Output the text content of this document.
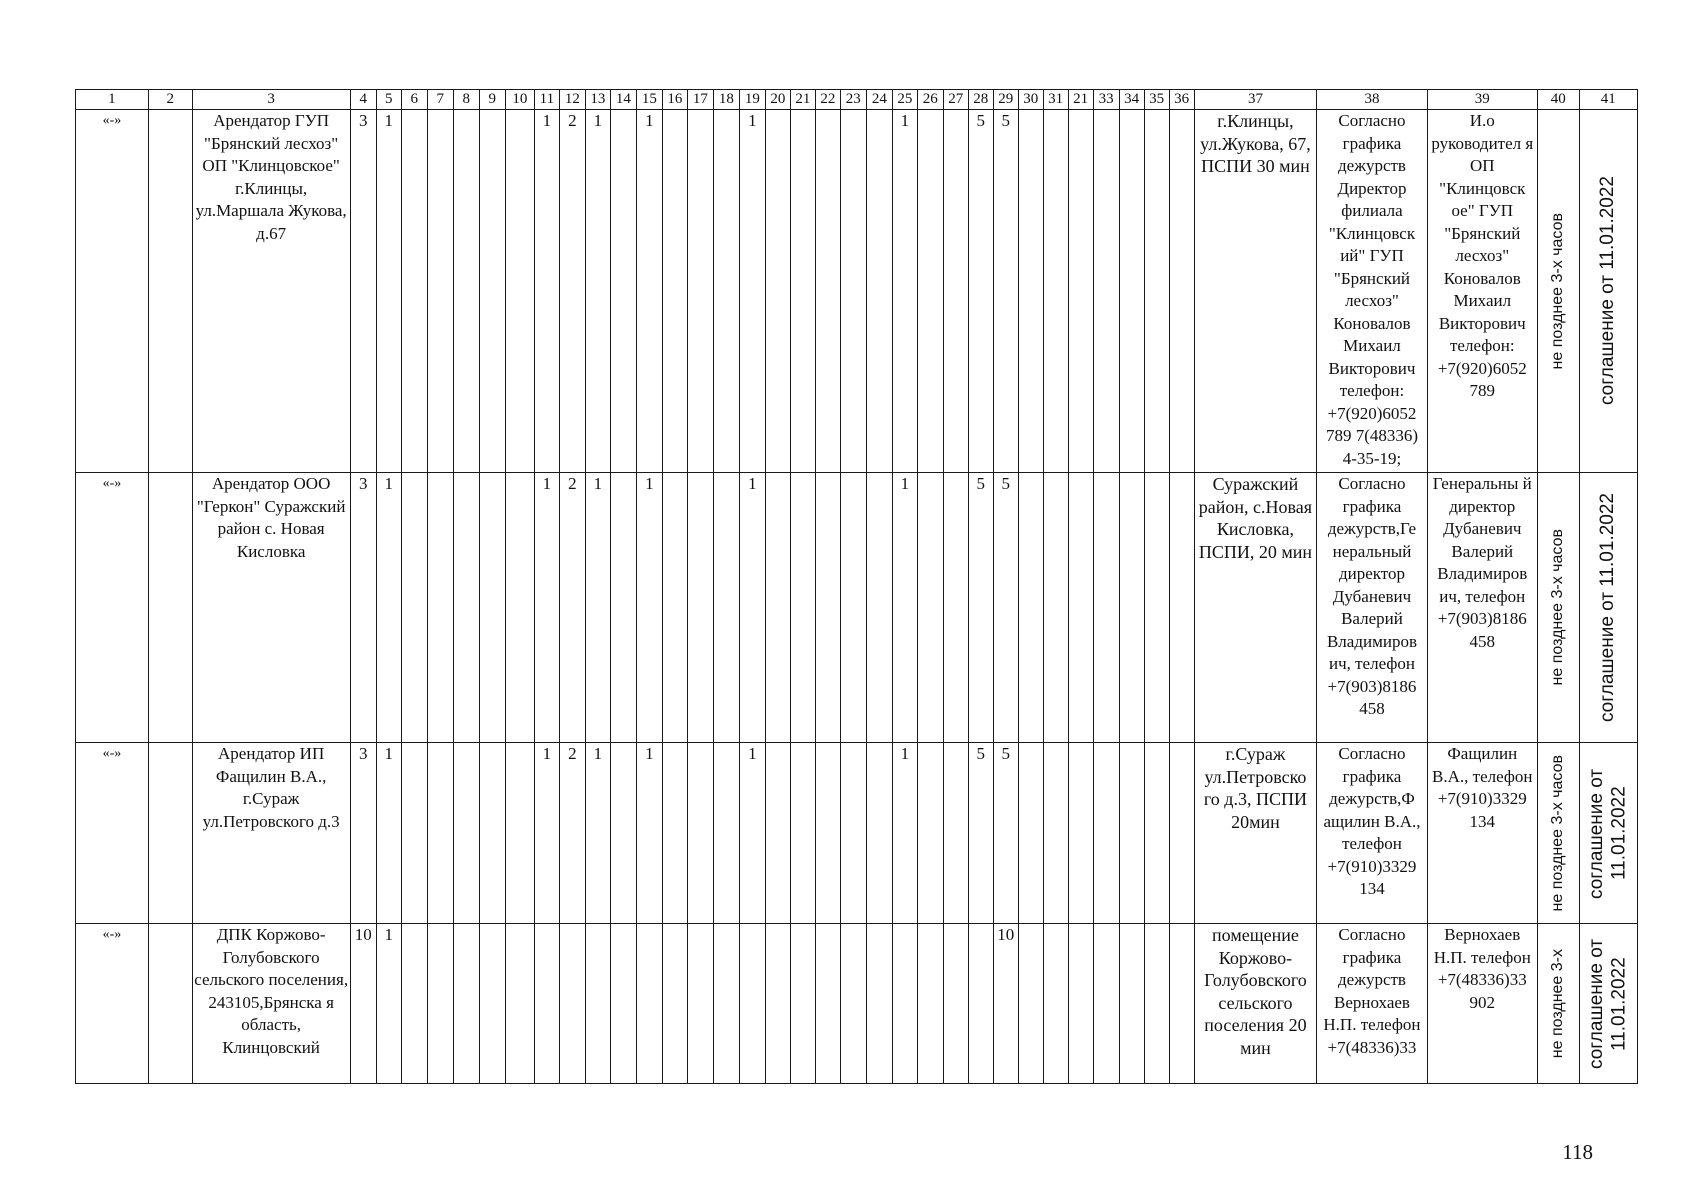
1	2	3	4	5	6	7	8	9	10	11	12	13	14	15	16	17	18	19	20	21	22	23	24	25	26	27	28	29	30	31	21	33	34	35	36	37	38	39	40	41
«-»		Арендатор ГУП "Брянский лесхоз" ОП "Клинцовское" г.Клинцы, ул.Маршала Жукова, д.67	3	1						1	2	1		1				1						1			5	5								г.Клинцы, ул.Жукова, 67, ПСПИ 30 мин	Согласно графика дежурств Директор филиала "Клинцовск ий" ГУП "Брянский лесхоз" Коновалов Михаил Викторович телефон: +7(920)6052 789 7(48336) 4-35-19;	И.о руководител я ОП "Клинцовск ое" ГУП "Брянский лесхоз" Коновалов Михаил Викторович телефон: +7(920)6052 789	не позднее 3-х часов	соглашение от 11.01.2022

«-»		Арендатор ООО "Геркон" Суражский район с. Новая Кисловка	3	1						1	2	1		1				1						1			5	5								Суражский район, с.Новая Кисловка, ПСПИ, 20 мин	Согласно графика дежурств,Ге неральный директор Дубаневич Валерий Владимиров ич, телефон +7(903)8186 458	Генеральны й директор Дубаневич Валерий Владимиров ич, телефон +7(903)8186 458	не позднее 3-х часов	соглашение от 11.01.2022

«-»		Арендатор ИП Фащилин В.А., г.Сураж ул.Петровского д.3	3	1						1	2	1		1				1						1			5	5								г.Сураж ул.Петровско го д.3, ПСПИ 20мин	Согласно графика дежурств,Ф ащилин В.А., телефон +7(910)3329 134	Фащилин В.А., телефон +7(910)3329 134	не позднее 3-х часов	соглашение от 11.01.2022

«-»		ДПК Коржово-Голубовского сельского поселения, 243105,Брянска я область, Клинцовский	10	1																								10								помещение Коржово-Голубовского сельского поселения 20 мин	Согласно графика дежурств Вернохаев Н.П. телефон +7(48336)33	Вернохаев Н.П. телефон +7(48336)33 902	не позднее 3-х	соглашение от 11.01.2022
118
